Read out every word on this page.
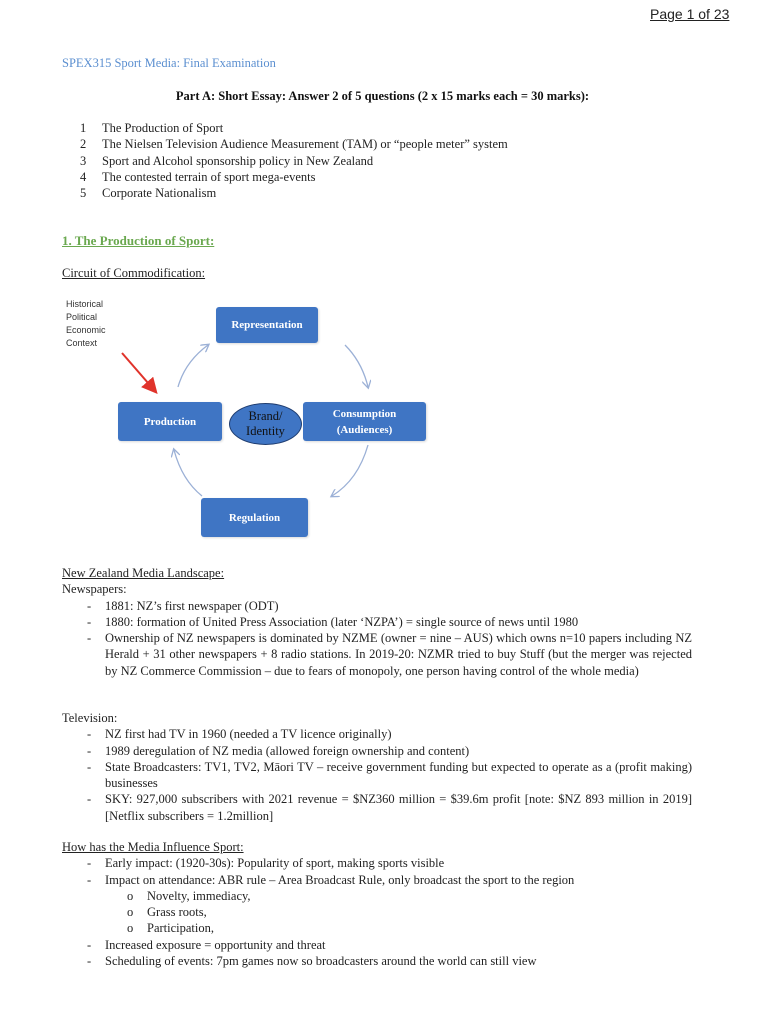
Page 1 of 23
SPEX315 Sport Media: Final Examination
Part A: Short Essay: Answer 2 of 5 questions (2 x 15 marks each = 30 marks):
1	The Production of Sport
2	The Nielsen Television Audience Measurement (TAM) or “people meter” system
3	Sport and Alcohol sponsorship policy in New Zealand
4	The contested terrain of sport mega-events
5	Corporate Nationalism
1. The Production of Sport:
Circuit of Commodification:
Historical
Political
Economic
Context
Representation
Production
Consumption
(Audiences)
Regulation
Brand/
Identity
New Zealand Media Landscape:
Newspapers:
- 1881: NZ’s first newspaper (ODT)
- 1880: formation of United Press Association (later ‘NZPA’) = single source of news until 1980
- Ownership of NZ newspapers is dominated by NZME (owner = nine – AUS) which owns n=10 papers including NZ Herald + 31 other newspapers + 8 radio stations. In 2019-20: NZMR tried to buy Stuff (but the merger was rejected by NZ Commerce Commission – due to fears of monopoly, one person having control of the whole media)
Television:
- NZ first had TV in 1960 (needed a TV licence originally)
- 1989 deregulation of NZ media (allowed foreign ownership and content)
- State Broadcasters: TV1, TV2, Māori TV – receive government funding but expected to operate as a (profit making) businesses
- SKY: 927,000 subscribers with 2021 revenue = $NZ360 million = $39.6m profit [note: $NZ 893 million in 2019] [Netflix subscribers = 1.2million]
How has the Media Influence Sport:
- Early impact: (1920-30s): Popularity of sport, making sports visible
- Impact on attendance: ABR rule – Area Broadcast Rule, only broadcast the sport to the region
o Novelty, immediacy,
o Grass roots,
o Participation,
- Increased exposure = opportunity and threat
- Scheduling of events: 7pm games now so broadcasters around the world can still view
